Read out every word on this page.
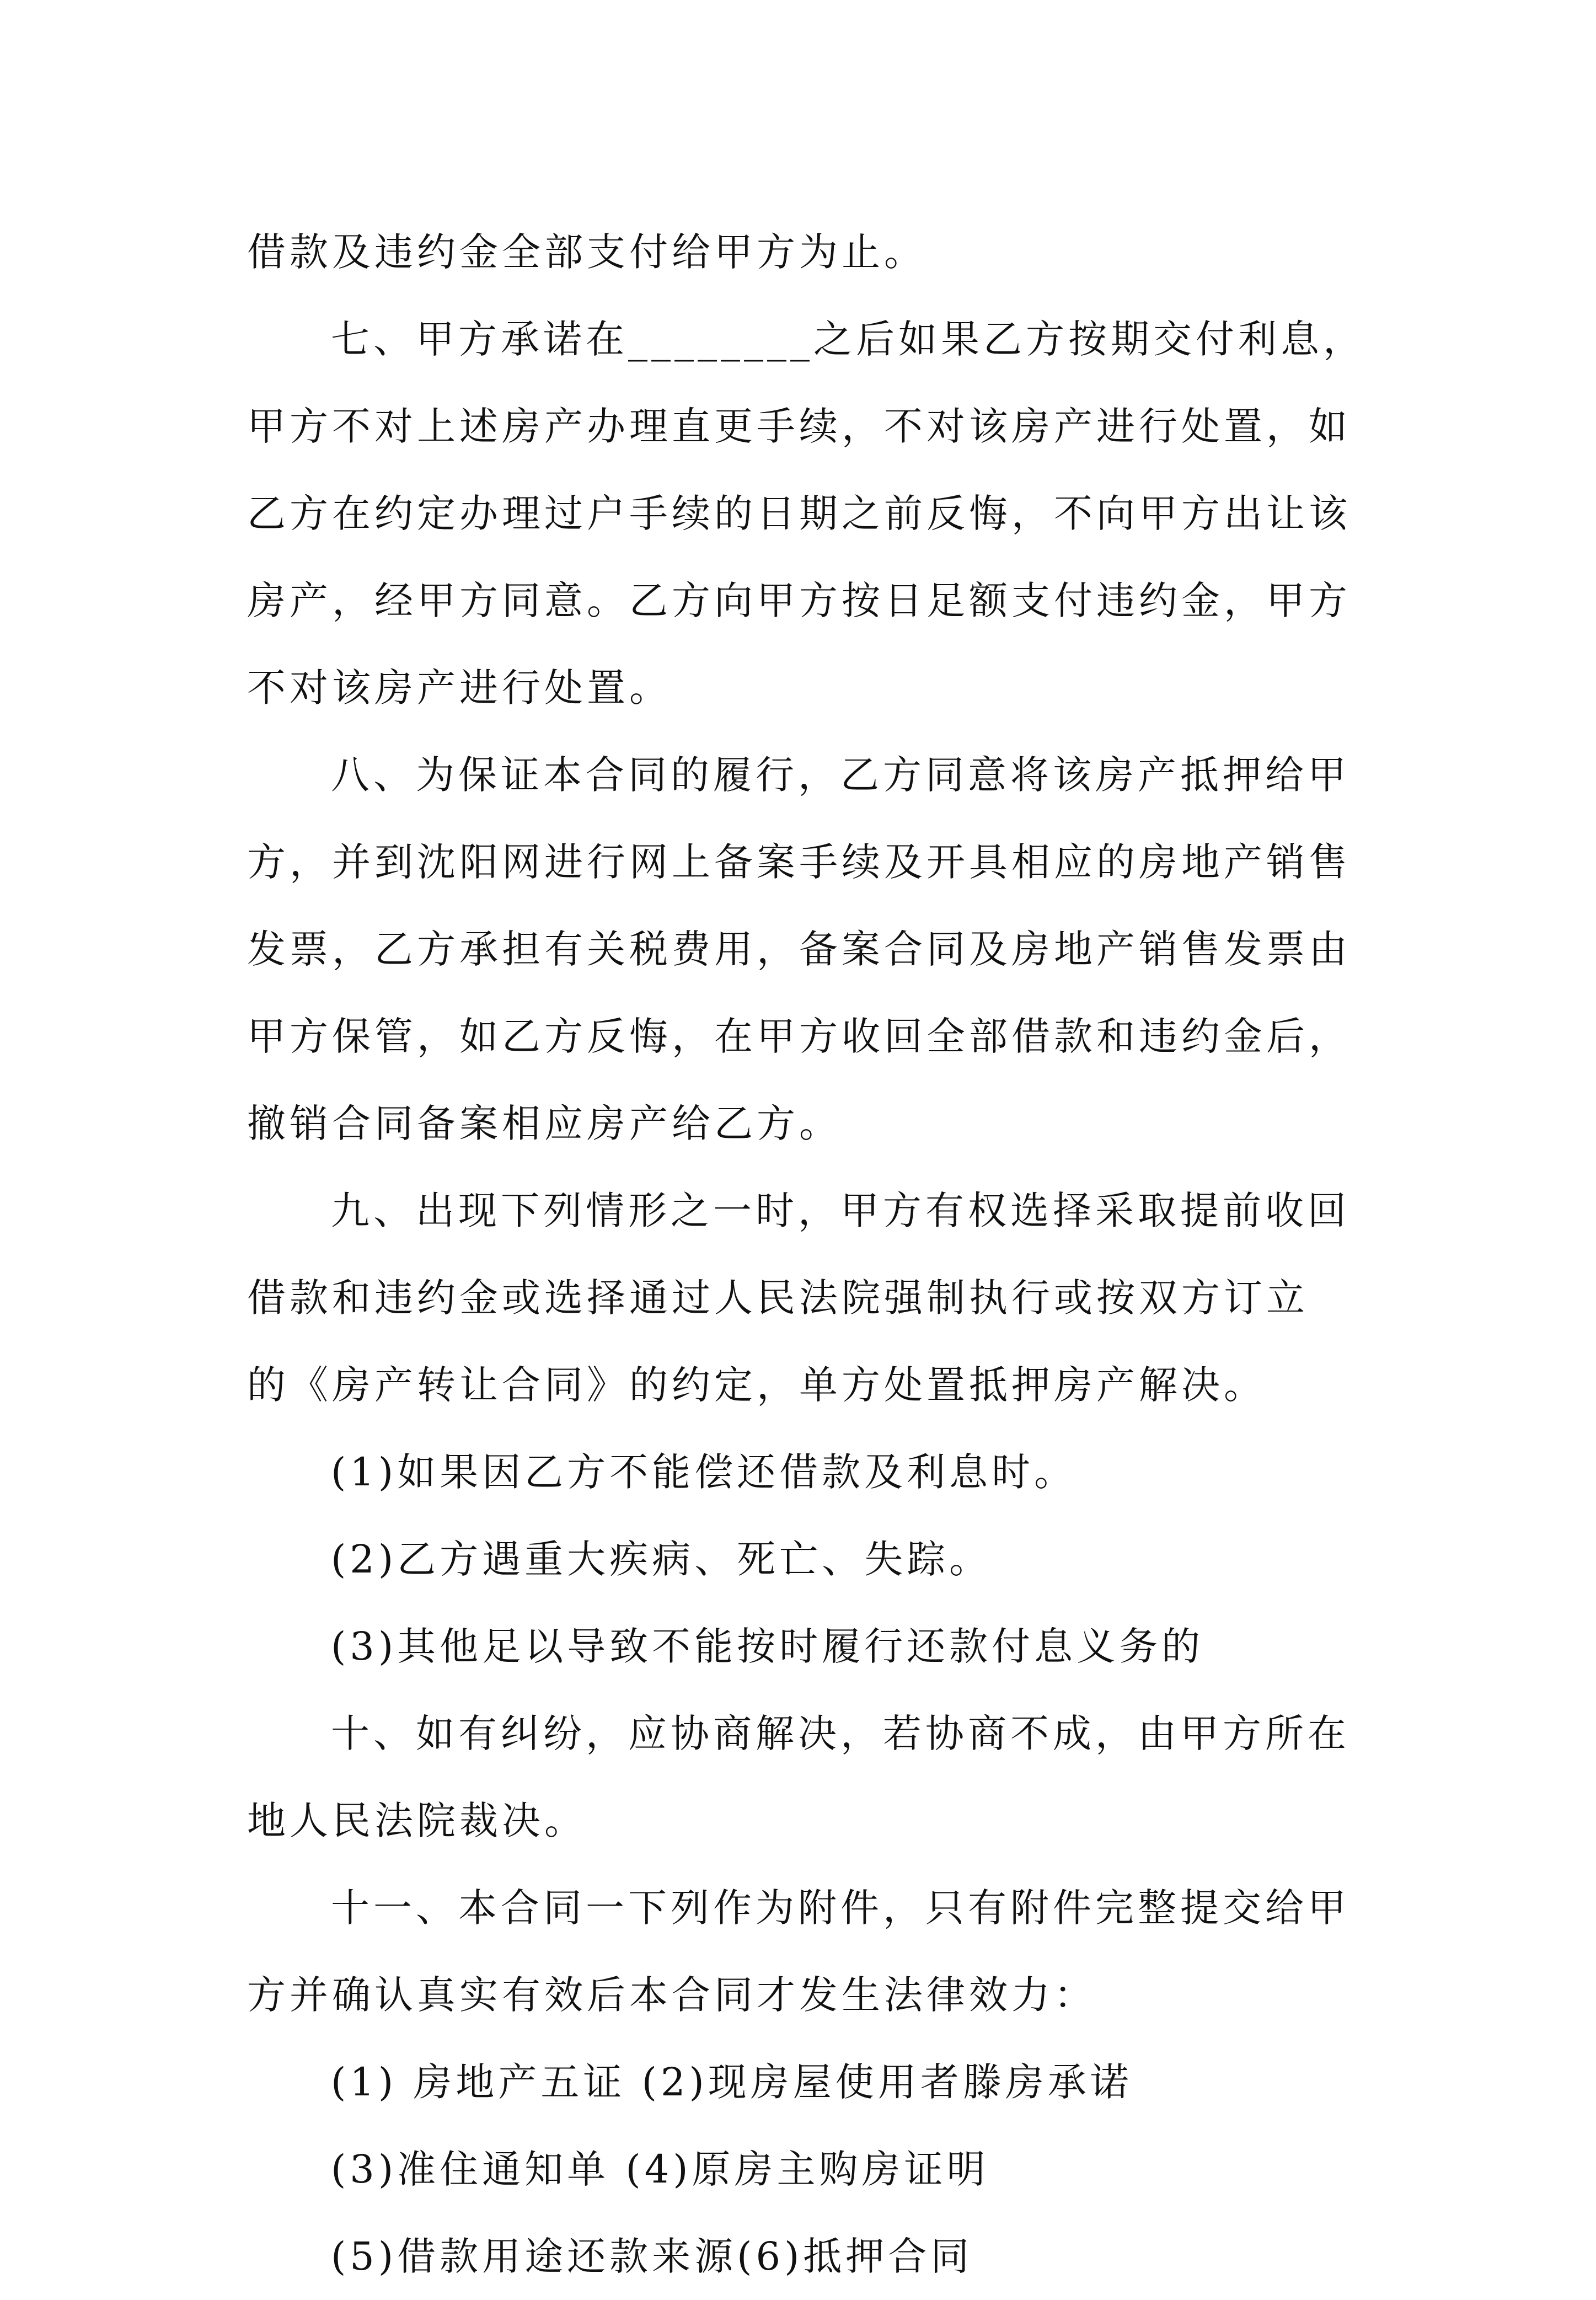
借款及违约金全部支付给甲方为止。
七、甲方承诺在________之后如果乙方按期交付利息，
甲方不对上述房产办理直更手续，不对该房产进行处置，如
乙方在约定办理过户手续的日期之前反悔，不向甲方出让该
房产，经甲方同意。乙方向甲方按日足额支付违约金，甲方
不对该房产进行处置。
八、为保证本合同的履行，乙方同意将该房产抵押给甲
方，并到沈阳网进行网上备案手续及开具相应的房地产销售
发票，乙方承担有关税费用，备案合同及房地产销售发票由
甲方保管，如乙方反悔，在甲方收回全部借款和违约金后，
撤销合同备案相应房产给乙方。
九、出现下列情形之一时，甲方有权选择采取提前收回
借款和违约金或选择通过人民法院强制执行或按双方订立
的《房产转让合同》的约定，单方处置抵押房产解决。
(1)如果因乙方不能偿还借款及利息时。
(2)乙方遇重大疾病、死亡、失踪。
(3)其他足以导致不能按时履行还款付息义务的
十、如有纠纷，应协商解决，若协商不成，由甲方所在
地人民法院裁决。
十一、本合同一下列作为附件，只有附件完整提交给甲
方并确认真实有效后本合同才发生法律效力：
(1) 房地产五证 (2)现房屋使用者滕房承诺
(3)准住通知单 (4)原房主购房证明
(5)借款用途还款来源(6)抵押合同
